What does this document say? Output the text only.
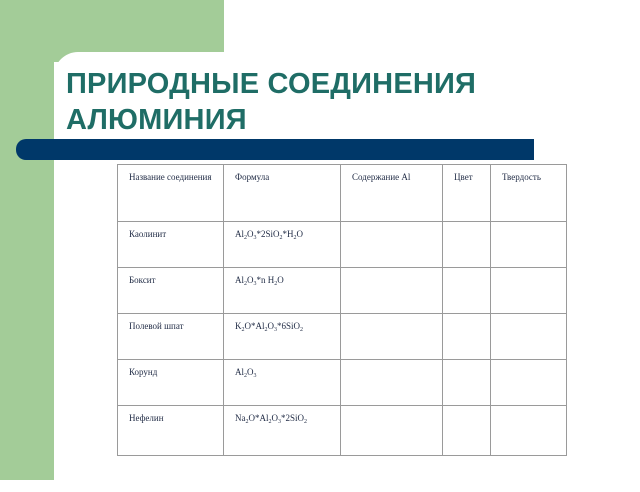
ПРИРОДНЫЕ СОЕДИНЕНИЯ
АЛЮМИНИЯ
Название соединения	Формула	Содержание Al	Цвет	Твердость
Каолинит	$Al_2O_3*2SiO_2*H_2O$			
Боксит	$Al_2O_3*n$ $H_2O$			
Полевой шпат	$K_2O*Al_2O_3*6SiO_2$			
Корунд	$Al_2O_3$			
Нефелин	$Na_2O*Al_2O_3*2SiO_2$			
